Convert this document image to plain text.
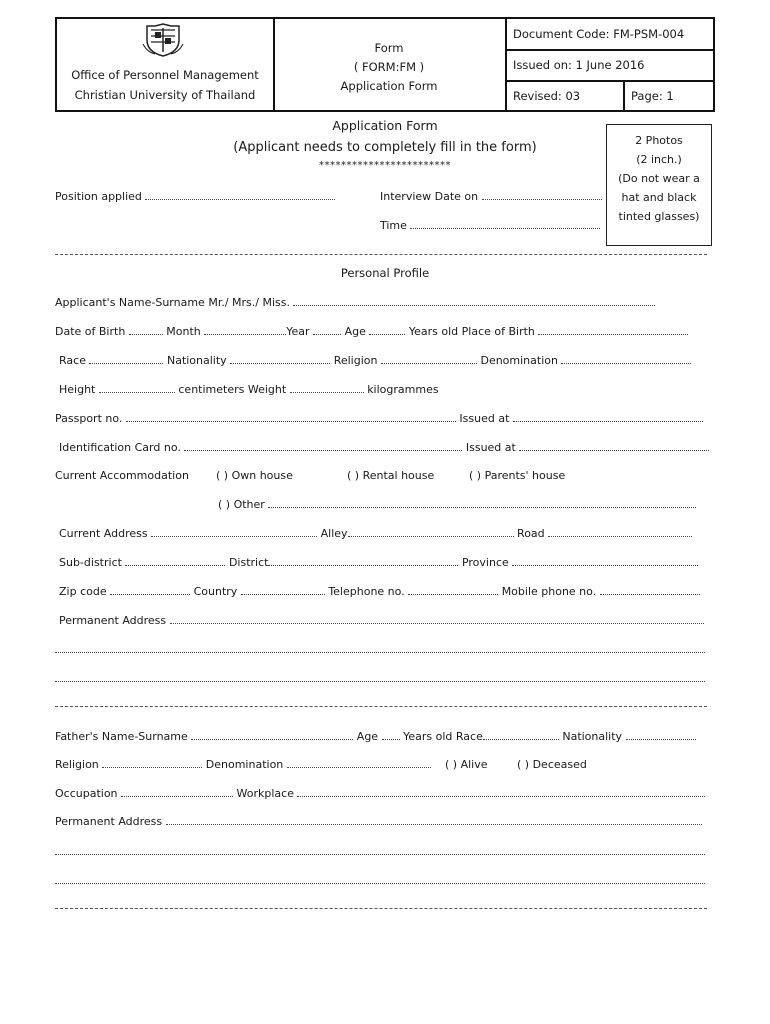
Office of Personnel Management
Christian University of Thailand
Form
( FORM:FM )
Application Form
Document Code: FM-PSM-004
Issued on: 1 June 2016
Revised: 03	Page: 1
Application Form
(Applicant needs to completely fill in the form)
************************
2 Photos
(2 inch.)
(Do not wear a
hat and black
tinted glasses)
Position applied	Interview Date on
Time
Personal Profile
Applicant's Name-Surname Mr./ Mrs./ Miss.
Date of Birth	Month	Year	Age	Years old Place of Birth
Race	Nationality	Religion	Denomination
Height	centimeters Weight	kilogrammes
Passport no.	Issued at
Identification Card no.	Issued at
Current Accommodation ( ) Own house	( ) Rental house	( ) Parents' house
( ) Other
Current Address	Alley	Road
Sub-district	District	Province
Zip code	Country	Telephone no.	Mobile phone no.
Permanent Address
Father's Name-Surname	Age Years old Race	Nationality
Religion	Denomination	( ) Alive	( ) Deceased
Occupation	Workplace
Permanent Address
